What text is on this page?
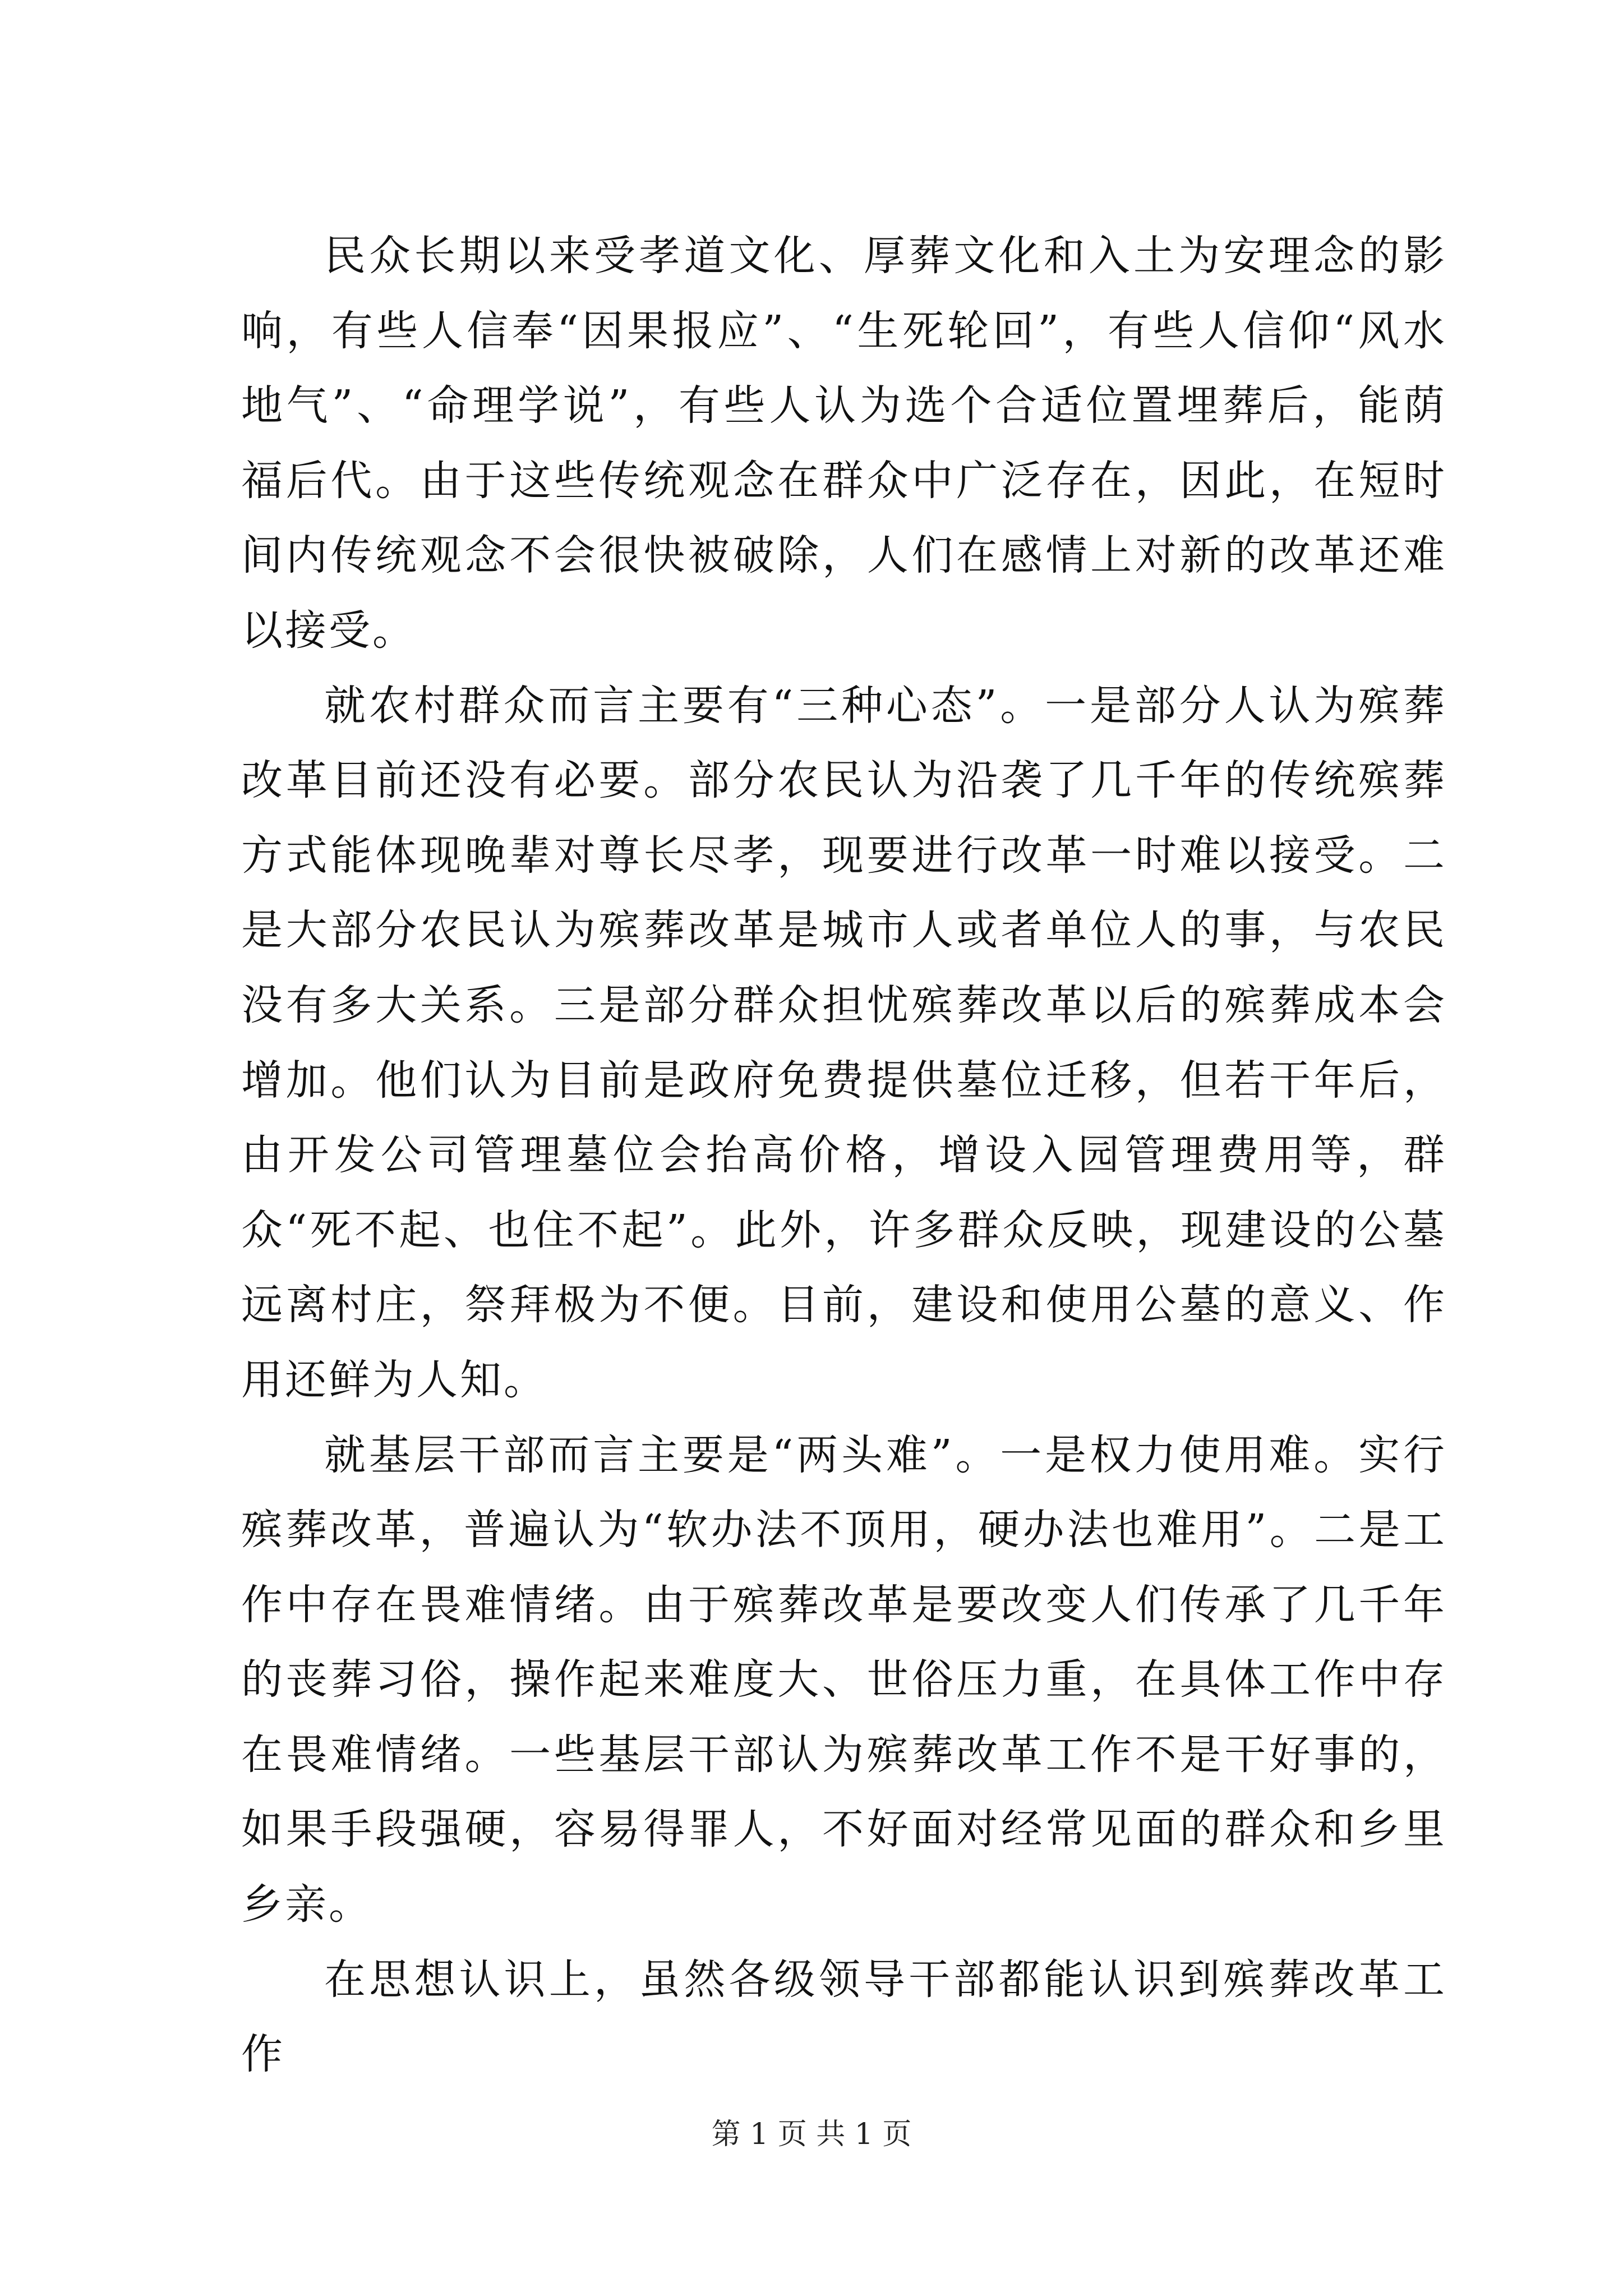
民众长期以来受孝道文化、厚葬文化和入土为安理念的影响，有些人信奉“因果报应”、“生死轮回”，有些人信仰“风水地气”、“命理学说”，有些人认为选个合适位置埋葬后，能荫福后代。由于这些传统观念在群众中广泛存在，因此，在短时间内传统观念不会很快被破除，人们在感情上对新的改革还难以接受。

就农村群众而言主要有“三种心态”。一是部分人认为殡葬改革目前还没有必要。部分农民认为沿袭了几千年的传统殡葬方式能体现晚辈对尊长尽孝，现要进行改革一时难以接受。二是大部分农民认为殡葬改革是城市人或者单位人的事，与农民没有多大关系。三是部分群众担忧殡葬改革以后的殡葬成本会增加。他们认为目前是政府免费提供墓位迁移，但若干年后，由开发公司管理墓位会抬高价格，增设入园管理费用等，群众“死不起、也住不起”。此外，许多群众反映，现建设的公墓远离村庄，祭拜极为不便。目前，建设和使用公墓的意义、作用还鲜为人知。

就基层干部而言主要是“两头难”。一是权力使用难。实行殡葬改革，普遍认为“软办法不顶用，硬办法也难用”。二是工作中存在畏难情绪。由于殡葬改革是要改变人们传承了几千年的丧葬习俗，操作起来难度大、世俗压力重，在具体工作中存在畏难情绪。一些基层干部认为殡葬改革工作不是干好事的，如果手段强硬，容易得罪人，不好面对经常见面的群众和乡里乡亲。

在思想认识上，虽然各级领导干部都能认识到殡葬改革工作

第 1 页 共 1 页
